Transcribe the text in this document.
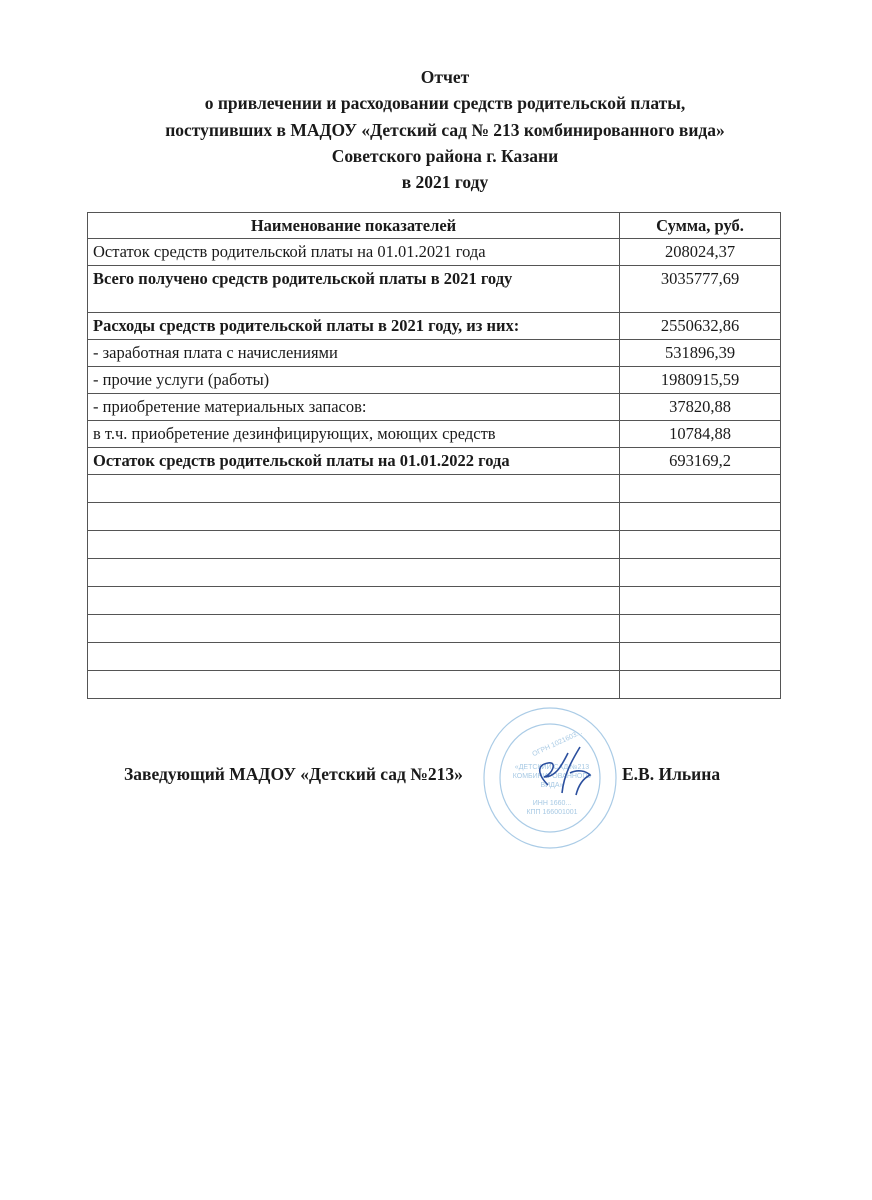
Отчет
о привлечении и расходовании средств родительской платы,
поступивших в МАДОУ «Детский сад № 213 комбинированного вида»
Советского района г. Казани
в 2021 году
Наименование показателей	Сумма, руб.
Остаток средств родительской платы на 01.01.2021 года	208024,37
Всего получено средств родительской платы в 2021 году	3035777,69
Расходы средств родительской платы в 2021 году, из них:	2550632,86
- заработная плата с начислениями	531896,39
- прочие услуги (работы)	1980915,59
- приобретение материальных запасов:	37820,88
в т.ч. приобретение дезинфицирующих, моющих средств	10784,88
Остаток средств родительской платы на 01.01.2022 года	693169,2

ОГРН 1021603...
«ДЕТСКИЙ САД №213
КОМБИНИРОВАННОГО
ВИДА»
ИНН 1660...
КПП 166001001
Заведующий МАДОУ «Детский сад №213»	Е.В. Ильина
